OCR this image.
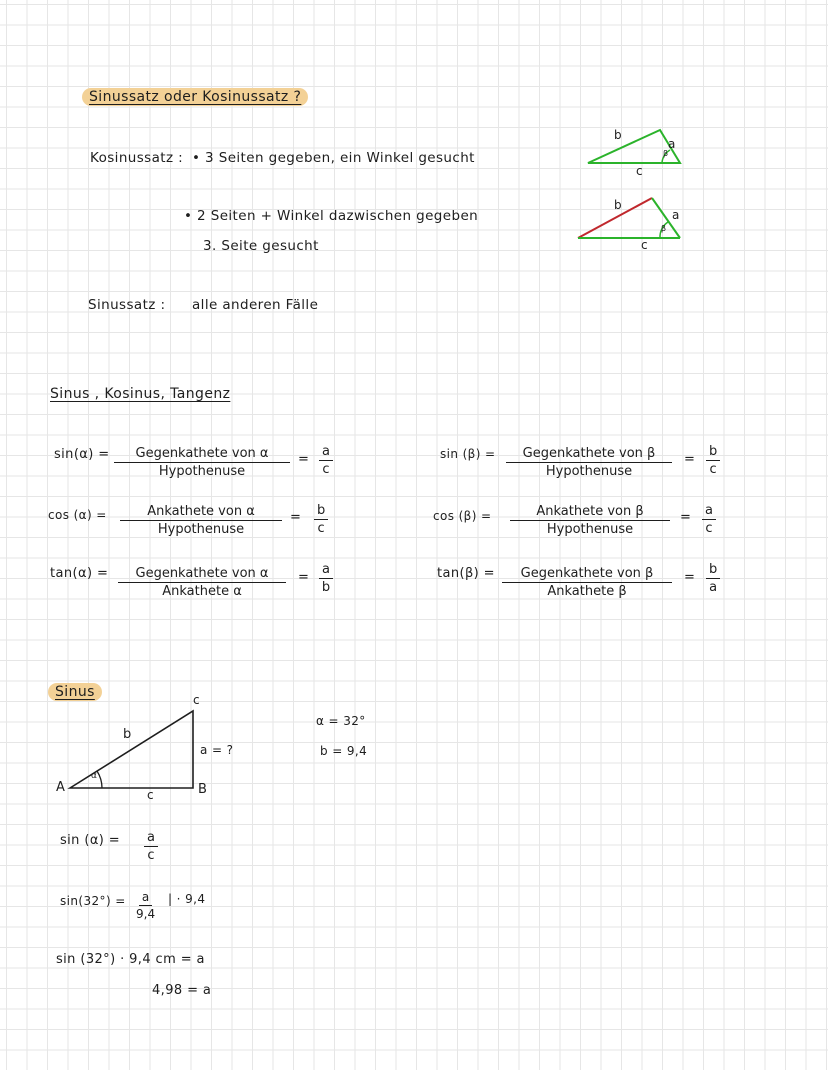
Sinussatz oder Kosinussatz ?
Kosinussatz : • 3 Seiten gegeben, ein Winkel gesucht
• 2 Seiten + Winkel dazwischen gegeben
3. Seite gesucht
Sinussatz : alle anderen Fälle
b
a
c
β
b
a
c
β
Sinus , Kosinus, Tangenz
sin(α) =	Gegenkathete von α
Hypothenuse
= $\frac{a}{c}$
cos (α) =	Ankathete von α
Hypothenuse
= $\frac{b}{c}$
tan(α) =	Gegenkathete von α
Ankathete α
= $\frac{a}{b}$
sin (β) =	Gegenkathete von β
Hypothenuse
= $\frac{b}{c}$
cos (β) =	Ankathete von β
Hypothenuse
= $\frac{a}{c}$
tan(β) =	Gegenkathete von β
Ankathete β
= $\frac{b}{a}$
Sinus
A	B
c
b
c
a = ?
α
α = 32°
b = 9,4
$\sin (\alpha) = \frac{a}{c}$
$\sin(32^\circ) = \frac{a}{9,4}$ | · 9,4
sin (32°) · 9,4 cm = a
4,98 = a
